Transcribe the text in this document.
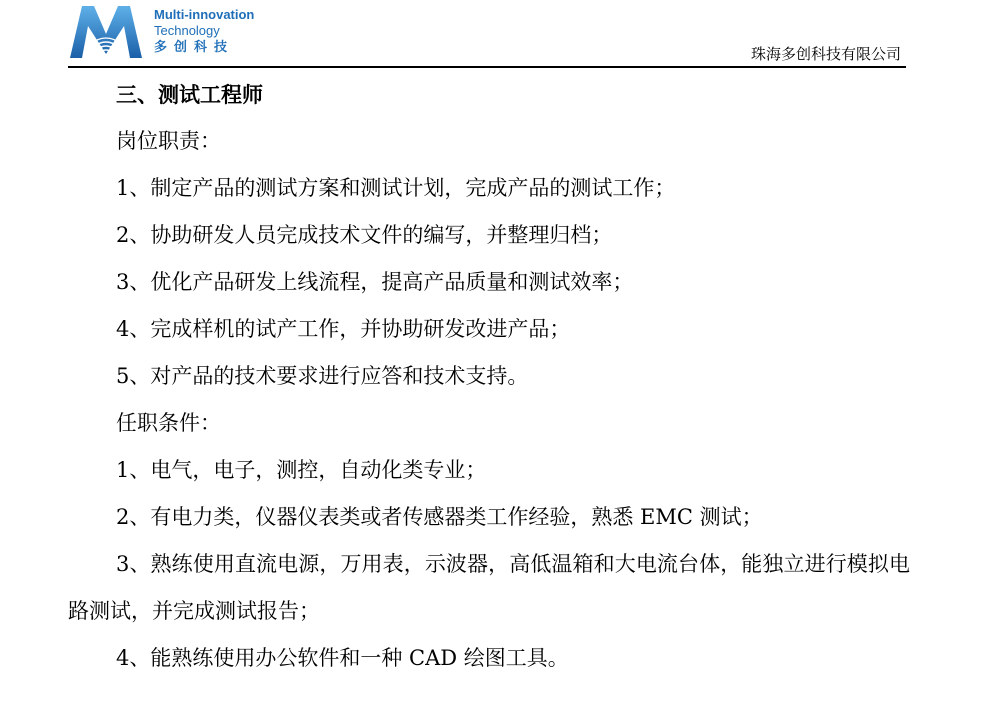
Multi-innovation
Technology
多创科技	珠海多创科技有限公司
三、测试工程师
岗位职责：
1、制定产品的测试方案和测试计划，完成产品的测试工作；
2、协助研发人员完成技术文件的编写，并整理归档；
3、优化产品研发上线流程，提高产品质量和测试效率；
4、完成样机的试产工作，并协助研发改进产品；
5、对产品的技术要求进行应答和技术支持。
任职条件：
1、电气，电子，测控，自动化类专业；
2、有电力类，仪器仪表类或者传感器类工作经验，熟悉 EMC 测试；
3、熟练使用直流电源，万用表，示波器，高低温箱和大电流台体，能独立进行模拟电路测试，并完成测试报告；
4、能熟练使用办公软件和一种 CAD 绘图工具。
